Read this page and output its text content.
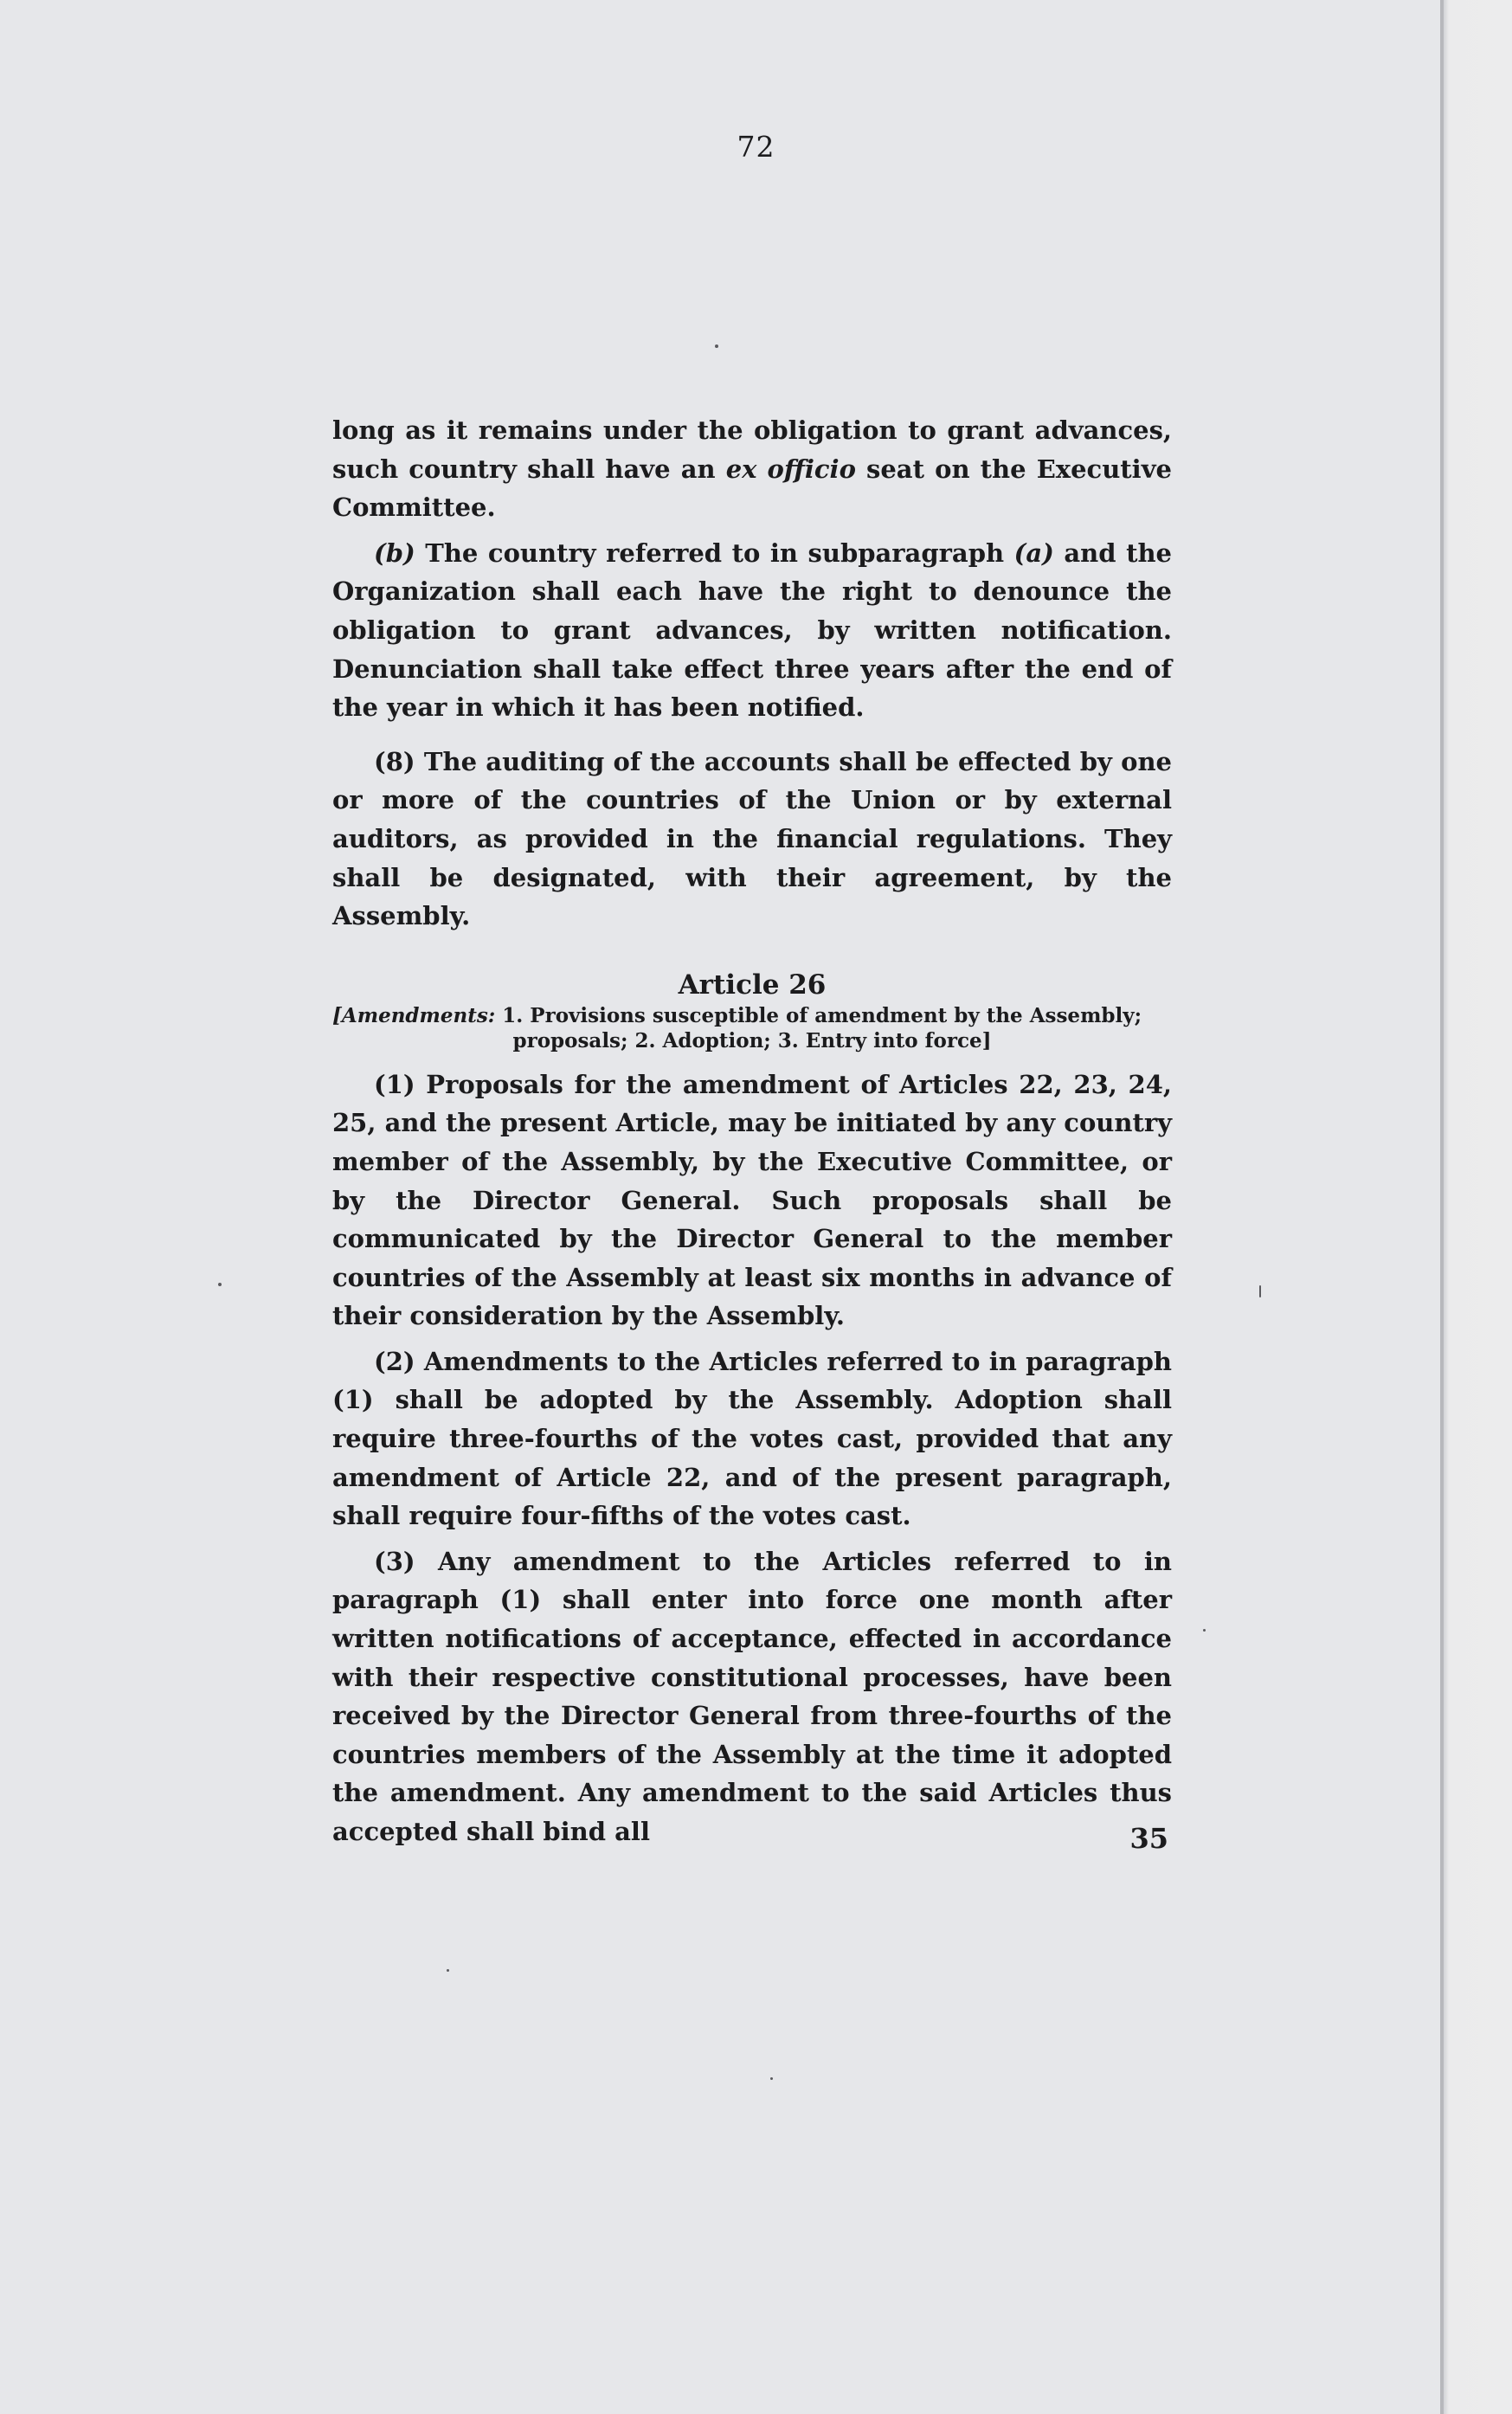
72

long as it remains under the obligation to grant advances, such country shall have an ex officio seat on the Executive Committee.

(b) The country referred to in subparagraph (a) and the Organization shall each have the right to denounce the obligation to grant advances, by written notification. Denunciation shall take effect three years after the end of the year in which it has been notified.

(8) The auditing of the accounts shall be effected by one or more of the countries of the Union or by external auditors, as provided in the financial regulations. They shall be designated, with their agreement, by the Assembly.

Article 26
[Amendments: 1. Provisions susceptible of amendment by the Assembly;
proposals; 2. Adoption; 3. Entry into force]

(1) Proposals for the amendment of Articles 22, 23, 24, 25, and the present Article, may be initiated by any country member of the Assembly, by the Executive Committee, or by the Director General. Such proposals shall be communicated by the Director General to the member countries of the Assembly at least six months in advance of their consideration by the Assembly.

(2) Amendments to the Articles referred to in paragraph (1) shall be adopted by the Assembly. Adoption shall require three-fourths of the votes cast, provided that any amendment of Article 22, and of the present paragraph, shall require four-fifths of the votes cast.

(3) Any amendment to the Articles referred to in paragraph (1) shall enter into force one month after written notifications of acceptance, effected in accordance with their respective constitutional processes, have been received by the Director General from three-fourths of the countries members of the Assembly at the time it adopted the amendment. Any amendment to the said Articles thus accepted shall bind all	35
